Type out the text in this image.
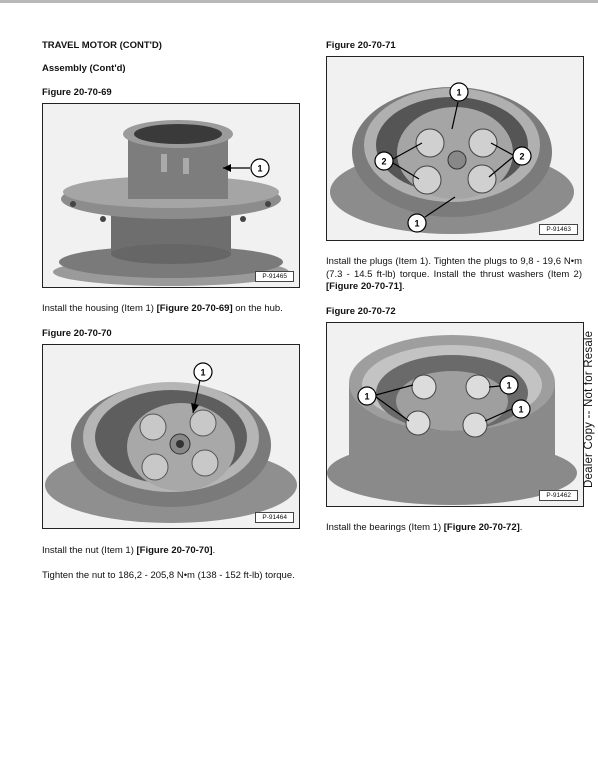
TRAVEL MOTOR (CONT'D)
Assembly (Cont'd)
Figure 20-70-69
1
P-91465
Install the housing (Item 1) [Figure 20-70-69] on the hub.
Figure 20-70-70
1
P-91464
Install the nut (Item 1) [Figure 20-70-70].
Tighten the nut to 186,2 - 205,8 N•m (138 - 152 ft-lb) torque.
Figure 20-70-71
1
2	2
1
P-91463
Install the plugs (Item 1). Tighten the plugs to 9,8 - 19,6 N•m (7.3 - 14.5 ft-lb) torque. Install the thrust washers (Item 2) [Figure 20-70-71].
Figure 20-70-72
1
1
1
P-91462
Install the bearings (Item 1) [Figure 20-70-72].
Dealer Copy -- Not for Resale
